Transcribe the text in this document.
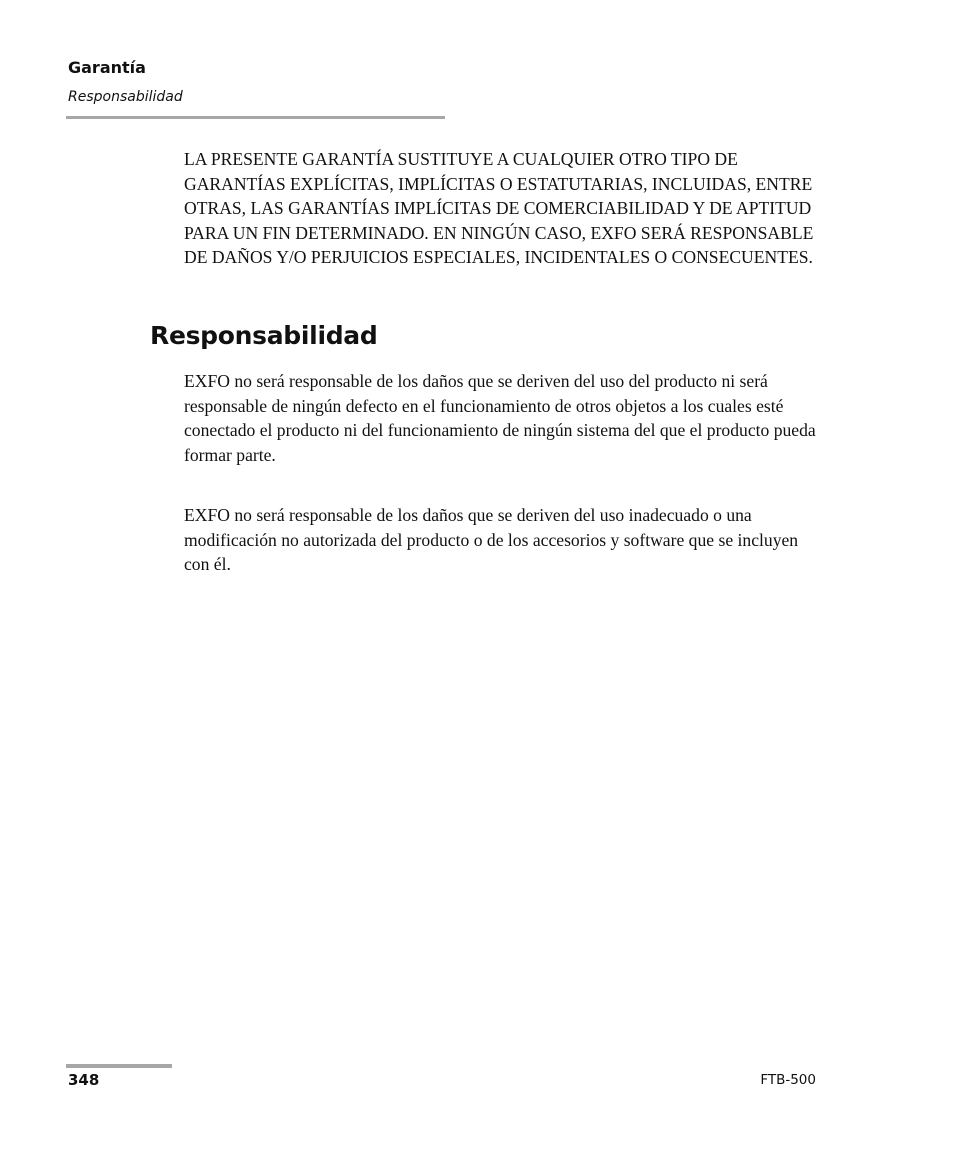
Garantía

Responsabilidad

LA PRESENTE GARANTÍA SUSTITUYE A CUALQUIER OTRO TIPO DE GARANTÍAS EXPLÍCITAS, IMPLÍCITAS O ESTATUTARIAS, INCLUIDAS, ENTRE OTRAS, LAS GARANTÍAS IMPLÍCITAS DE COMERCIABILIDAD Y DE APTITUD PARA UN FIN DETERMINADO. EN NINGÚN CASO, EXFO SERÁ RESPONSABLE DE DAÑOS Y/O PERJUICIOS ESPECIALES, INCIDENTALES O CONSECUENTES.

Responsabilidad

EXFO no será responsable de los daños que se deriven del uso del producto ni será responsable de ningún defecto en el funcionamiento de otros objetos a los cuales esté conectado el producto ni del funcionamiento de ningún sistema del que el producto pueda formar parte.

EXFO no será responsable de los daños que se deriven del uso inadecuado o una modificación no autorizada del producto o de los accesorios y software que se incluyen con él.

348	FTB-500
